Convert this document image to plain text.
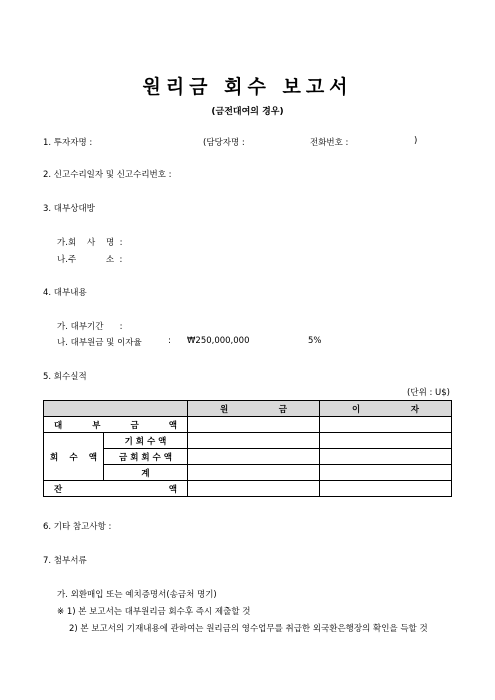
원리금 회수 보고서
(금전대여의 경우)
1. 투자자명 :	(담당자명 :	전화번호 :	)
2. 신고수리일자 및 신고수리번호 :
3. 대부상대방
가. 회    사    명  :
나. 주           소  :
4. 대부내용
가. 대부기간      :
나. 대부원금 및 이자율	: ₩250,000,000	5%
5. 회수실적
(단위 : U$)

		원 금	이 자

대 부 금 액			

회 수 액	기 회 수 액		
	금 회 회 수 액		
	계		

잔 액			

6. 기타 참고사항 :
7. 첨부서류
가. 외환매입 또는 예치증명서(송금처 명기)
※ 1) 본 보고서는 대부원리금 회수후 즉시 제출할 것
2) 본 보고서의 기재내용에 관하여는 원리금의 영수업무를 취급한 외국환은행장의 확인을 득할 것
